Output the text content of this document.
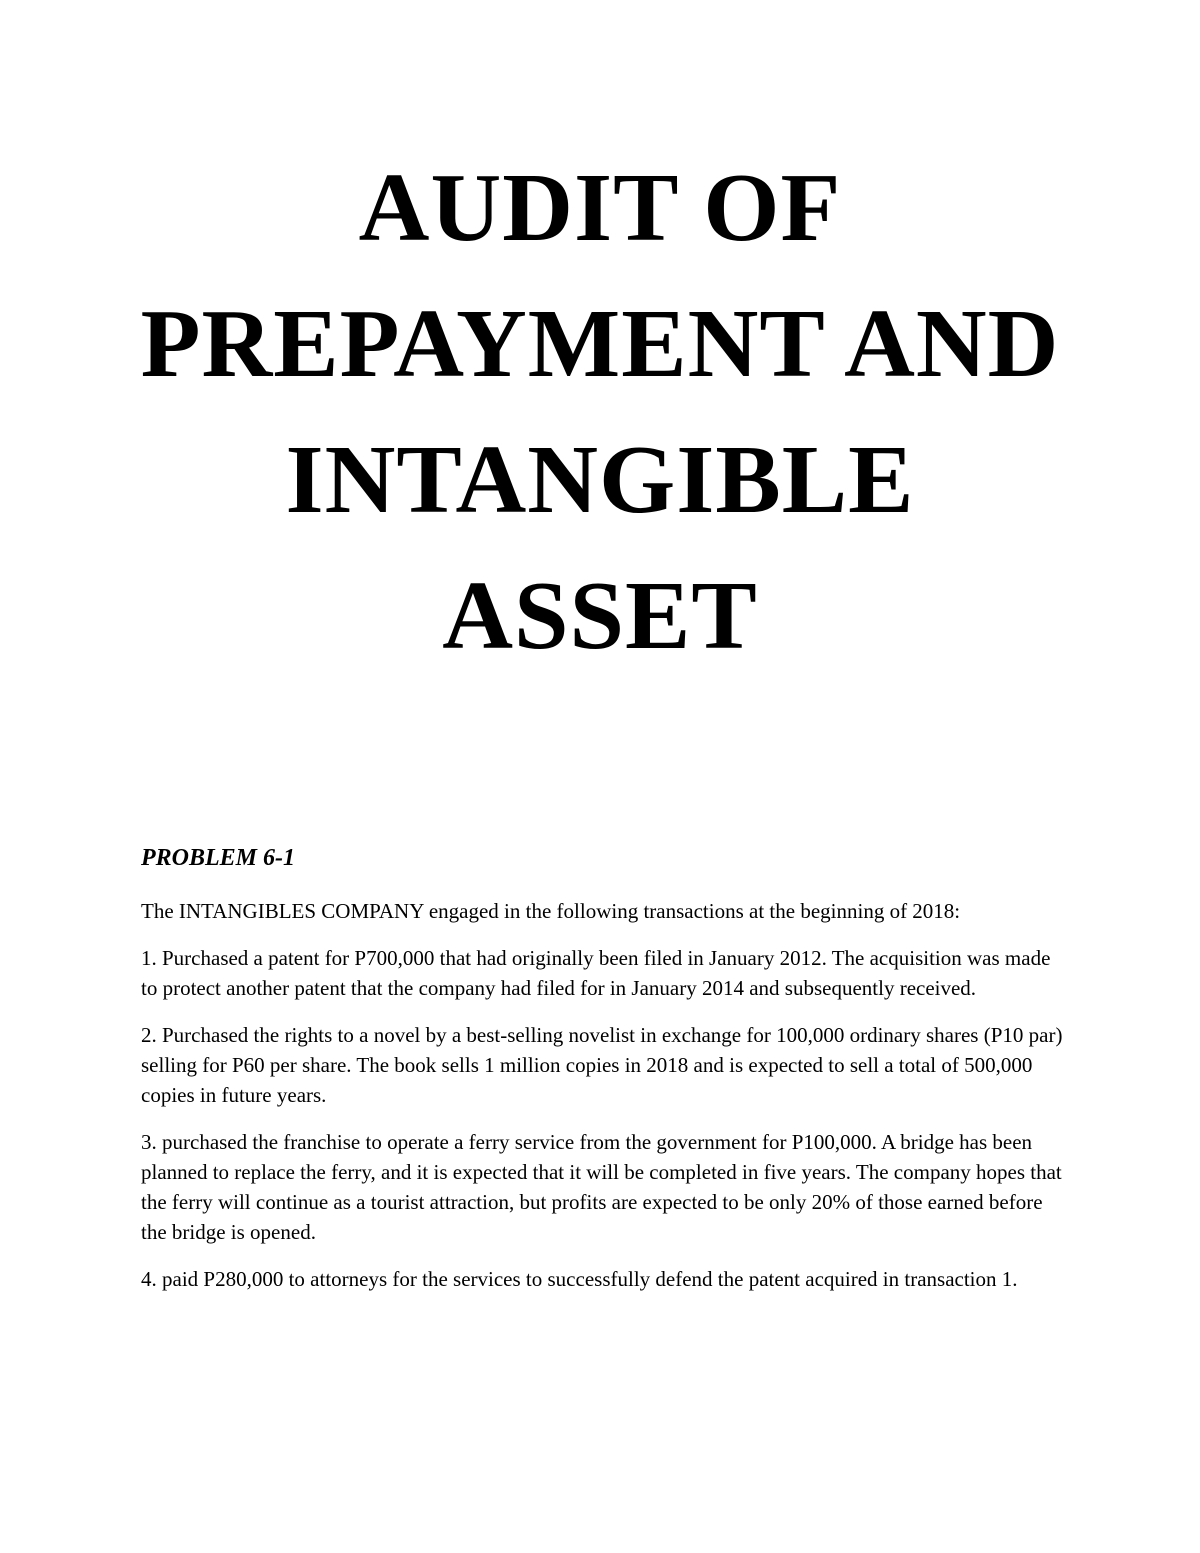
AUDIT OF
PREPAYMENT AND
INTANGIBLE
ASSET

PROBLEM 6-1

The INTANGIBLES COMPANY engaged in the following transactions at the beginning of 2018:

1. Purchased a patent for P700,000 that had originally been filed in January 2012. The acquisition was made to protect another patent that the company had filed for in January 2014 and subsequently received.

2. Purchased the rights to a novel by a best-selling novelist in exchange for 100,000 ordinary shares (P10 par) selling for P60 per share. The book sells 1 million copies in 2018 and is expected to sell a total of 500,000 copies in future years.

3. purchased the franchise to operate a ferry service from the government for P100,000. A bridge has been planned to replace the ferry, and it is expected that it will be completed in five years. The company hopes that the ferry will continue as a tourist attraction, but profits are expected to be only 20% of those earned before the bridge is opened.

4. paid P280,000 to attorneys for the services to successfully defend the patent acquired in transaction 1.
